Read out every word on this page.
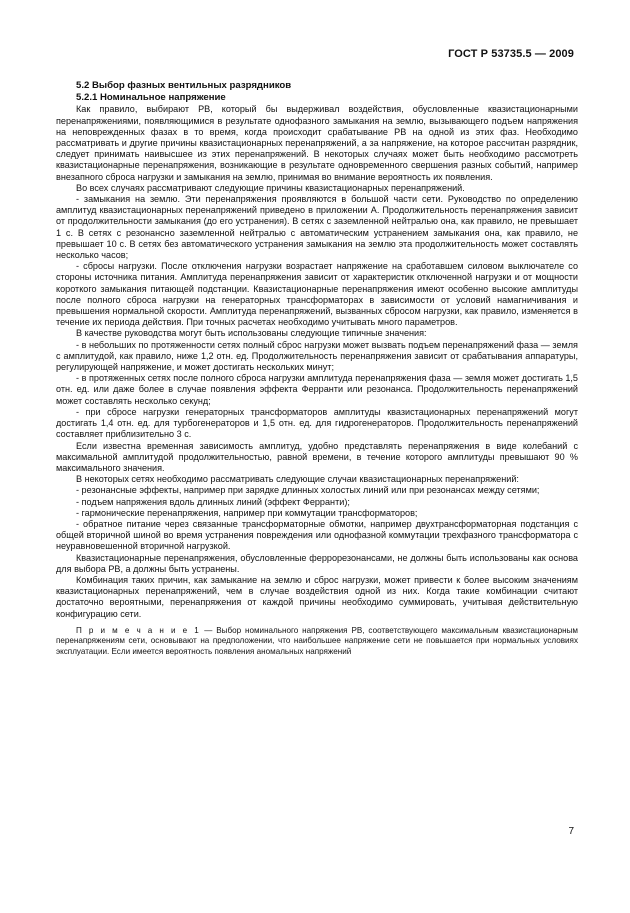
ГОСТ Р 53735.5 — 2009
5.2 Выбор фазных вентильных разрядников
5.2.1 Номинальное напряжение

Как правило, выбирают РВ, который бы выдерживал воздействия, обусловленные квазистационарными перенапряжениями, появляющимися в результате однофазного замыкания на землю, вызывающего подъем напряжения на неповрежденных фазах в то время, когда происходит срабатывание РВ на одной из этих фаз. Необходимо рассматривать и другие причины квазистационарных перенапряжений, а за напряжение, на которое рассчитан разрядник, следует принимать наивысшее из этих перенапряжений. В некоторых случаях может быть необходимо рассмотреть квазистационарные перенапряжения, возникающие в результате одновременного свершения разных событий, например внезапного сброса нагрузки и замыкания на землю, принимая во внимание вероятность их появления.

Во всех случаях рассматривают следующие причины квазистационарных перенапряжений.

- замыкания на землю. Эти перенапряжения проявляются в большой части сети. Руководство по определению амплитуд квазистационарных перенапряжений приведено в приложении А. Продолжительность перенапряжения зависит от продолжительности замыкания (до его устранения). В сетях с заземленной нейтралью она, как правило, не превышает 1 с. В сетях с резонансно заземленной нейтралью с автоматическим устранением замыкания она, как правило, не превышает 10 с. В сетях без автоматического устранения замыкания на землю эта продолжительность может составлять несколько часов;

- сбросы нагрузки. После отключения нагрузки возрастает напряжение на сработавшем силовом выключателе со стороны источника питания. Амплитуда перенапряжения зависит от характеристик отключенной нагрузки и от мощности короткого замыкания питающей подстанции. Квазистационарные перенапряжения имеют особенно высокие амплитуды после полного сброса нагрузки на генераторных трансформаторах в зависимости от условий намагничивания и превышения нормальной скорости. Амплитуда перенапряжений, вызванных сбросом нагрузки, как правило, изменяется в течение их периода действия. При точных расчетах необходимо учитывать много параметров.

В качестве руководства могут быть использованы следующие типичные значения:

- в небольших по протяженности сетях полный сброс нагрузки может вызвать подъем перенапряжений фаза — земля с амплитудой, как правило, ниже 1,2 отн. ед. Продолжительность перенапряжения зависит от срабатывания аппаратуры, регулирующей напряжение, и может достигать нескольких минут;

- в протяженных сетях после полного сброса нагрузки амплитуда перенапряжения фаза — земля может достигать 1,5 отн. ед. или даже более в случае появления эффекта Ферранти или резонанса. Продолжительность перенапряжений может составлять несколько секунд;

- при сбросе нагрузки генераторных трансформаторов амплитуды квазистационарных перенапряжений могут достигать 1,4 отн. ед. для турбогенераторов и 1,5 отн. ед. для гидрогенераторов. Продолжительность перенапряжений составляет приблизительно 3 с.

Если известна временная зависимость амплитуд, удобно представлять перенапряжения в виде колебаний с максимальной амплитудой продолжительностью, равной времени, в течение которого амплитуды превышают 90 % максимального значения.

В некоторых сетях необходимо рассматривать следующие случаи квазистационарных перенапряжений:

- резонансные эффекты, например при зарядке длинных холостых линий или при резонансах между сетями;

- подъем напряжения вдоль длинных линий (эффект Ферранти);

- гармонические перенапряжения, например при коммутации трансформаторов;

- обратное питание через связанные трансформаторные обмотки, например двухтрансформаторная подстанция с общей вторичной шиной во время устранения повреждения или однофазной коммутации трехфазного трансформатора с неуравновешенной вторичной нагрузкой.

Квазистационарные перенапряжения, обусловленные феррорезонансами, не должны быть использованы как основа для выбора РВ, а должны быть устранены.

Комбинация таких причин, как замыкание на землю и сброс нагрузки, может привести к более высоким значениям квазистационарных перенапряжений, чем в случае воздействия одной из них. Когда такие комбинации считают достаточно вероятными, перенапряжения от каждой причины необходимо суммировать, учитывая действительную конфигурацию сети.

П р и м е ч а н и е 1 — Выбор номинального напряжения РВ, соответствующего максимальным квазистационарным перенапряжениям сети, основывают на предположении, что наибольшее напряжение сети не повышается при нормальных условиях эксплуатации. Если имеется вероятность появления аномальных напряжений

7
